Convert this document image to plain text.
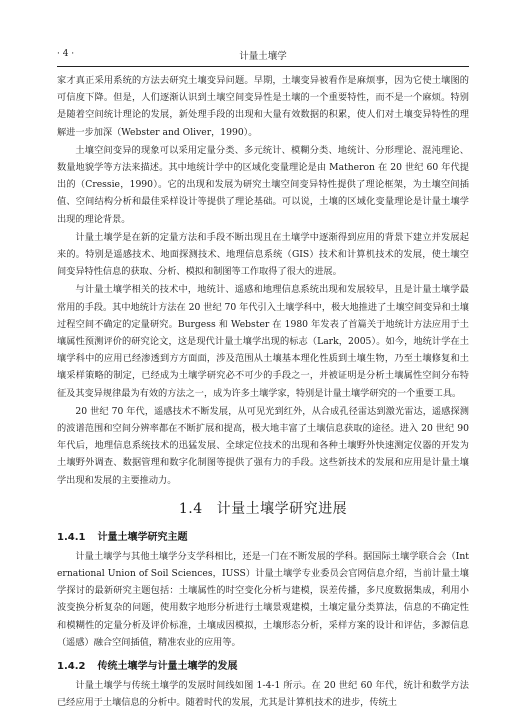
· 4 ·	计量土壤学

家才真正采用系统的方法去研究土壤变异问题。早期，土壤变异被看作是麻烦事，因为它使土壤图的可信度下降。但是，人们逐渐认识到土壤空间变异性是土壤的一个重要特性，而不是一个麻烦。特别是随着空间统计理论的发展，新处理手段的出现和大量有效数据的积累，使人们对土壤变异特性的理解进一步加深（Webster and Oliver，1990）。

土壤空间变异的现象可以采用定量分类、多元统计、模糊分类、地统计、分形理论、混沌理论、数量地貌学等方法来描述。其中地统计学中的区域化变量理论是由 Matheron 在 20 世纪 60 年代提出的（Cressie，1990）。它的出现和发展为研究土壤空间变异特性提供了理论框架，为土壤空间插值、空间结构分析和最佳采样设计等提供了理论基础。可以说，土壤的区域化变量理论是计量土壤学出现的理论背景。

计量土壤学是在新的定量方法和手段不断出现且在土壤学中逐渐得到应用的背景下建立并发展起来的。特别是遥感技术、地面探测技术、地理信息系统（GIS）技术和计算机技术的发展，使土壤空间变异特性信息的获取、分析、模拟和制图等工作取得了很大的进展。

与计量土壤学相关的技术中，地统计、遥感和地理信息系统出现和发展较早，且是计量土壤学最常用的手段。其中地统计方法在 20 世纪 70 年代引入土壤学科中，极大地推进了土壤空间变异和土壤过程空间不确定的定量研究。Burgess 和 Webster 在 1980 年发表了首篇关于地统计方法应用于土壤属性预测评价的研究论文，这是现代计量土壤学出现的标志（Lark，2005）。如今，地统计学在土壤学科中的应用已经渗透到方方面面，涉及范围从土壤基本理化性质到土壤生物，乃至土壤修复和土壤采样策略的制定，已经成为土壤学研究必不可少的手段之一，并被证明是分析土壤属性空间分布特征及其变异规律最为有效的方法之一，成为许多土壤学家，特别是计量土壤学研究的一个重要工具。

20 世纪 70 年代，遥感技术不断发展，从可见光到红外，从合成孔径雷达到激光雷达，遥感探测的波谱范围和空间分辨率都在不断扩展和提高，极大地丰富了土壤信息获取的途径。进入 20 世纪 90 年代后，地理信息系统技术的迅猛发展、全球定位技术的出现和各种土壤野外快速测定仪器的开发为土壤野外调查、数据管理和数字化制图等提供了强有力的手段。这些新技术的发展和应用是计量土壤学出现和发展的主要推动力。

1.4 计量土壤学研究进展
1.4.1 计量土壤学研究主题

计量土壤学与其他土壤学分支学科相比，还是一门在不断发展的学科。据国际土壤学联合会（International Union of Soil Sciences，IUSS）计量土壤学专业委员会官网信息介绍，当前计量土壤学探讨的最新研究主题包括：土壤属性的时空变化分析与建模，误差传播，多尺度数据集成，利用小波变换分析复杂的问题，使用数字地形分析进行土壤景观建模，土壤定量分类算法，信息的不确定性和模糊性的定量分析及评价标准，土壤成因模拟，土壤形态分析，采样方案的设计和评估，多源信息（遥感）融合空间插值，精准农业的应用等。

1.4.2 传统土壤学与计量土壤学的发展

计量土壤学与传统土壤学的发展时间线如图 1-4-1 所示。在 20 世纪 60 年代，统计和数学方法已经应用于土壤信息的分析中。随着时代的发展，尤其是计算机技术的进步，传统土
